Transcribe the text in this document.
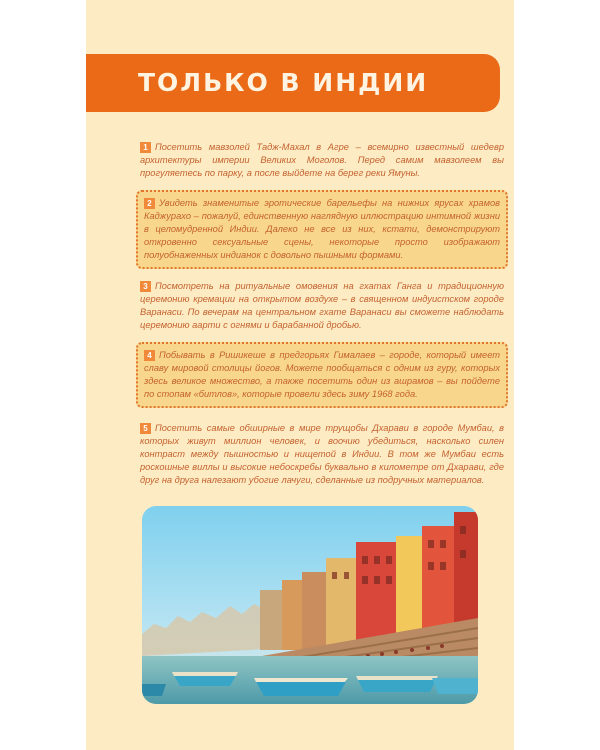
ТОЛЬКО В ИНДИИ
1 Посетить мавзолей Тадж-Махал в Агре – всемирно известный шедевр архитектуры империи Великих Моголов. Перед самим мавзолеем вы прогуляетесь по парку, а после выйдете на берег реки Ямуны.
2 Увидеть знаменитые эротические барельефы на нижних ярусах храмов Каджурахо – пожалуй, единственную наглядную иллюстрацию интимной жизни в целомудренной Индии. Далеко не все из них, кстати, демонстрируют откровенно сексуальные сцены, некоторые просто изображают полуобнаженных индианок с довольно пышными формами.
3 Посмотреть на ритуальные омовения на гхатах Ганга и традиционную церемонию кремации на открытом воздухе – в священном индуистском городе Варанаси. По вечерам на центральном гхате Варанаси вы сможете наблюдать церемонию аарти с огнями и барабанной дробью.
4 Побывать в Ришикеше в предгорьях Гималаев – городе, который имеет славу мировой столицы йогов. Можете пообщаться с одним из гуру, которых здесь великое множество, а также посетить один из ашрамов – вы пойдете по стопам «битлов», которые провели здесь зиму 1968 года.
5 Посетить самые обширные в мире трущобы Дхарави в городе Мумбаи, в которых живут миллион человек, и воочию убедиться, насколько силен контраст между пышностью и нищетой в Индии. В том же Мумбаи есть роскошные виллы и высокие небоскребы буквально в километре от Дхарави, где друг на друга налезают убогие лачуги, сделанные из подручных материалов.
